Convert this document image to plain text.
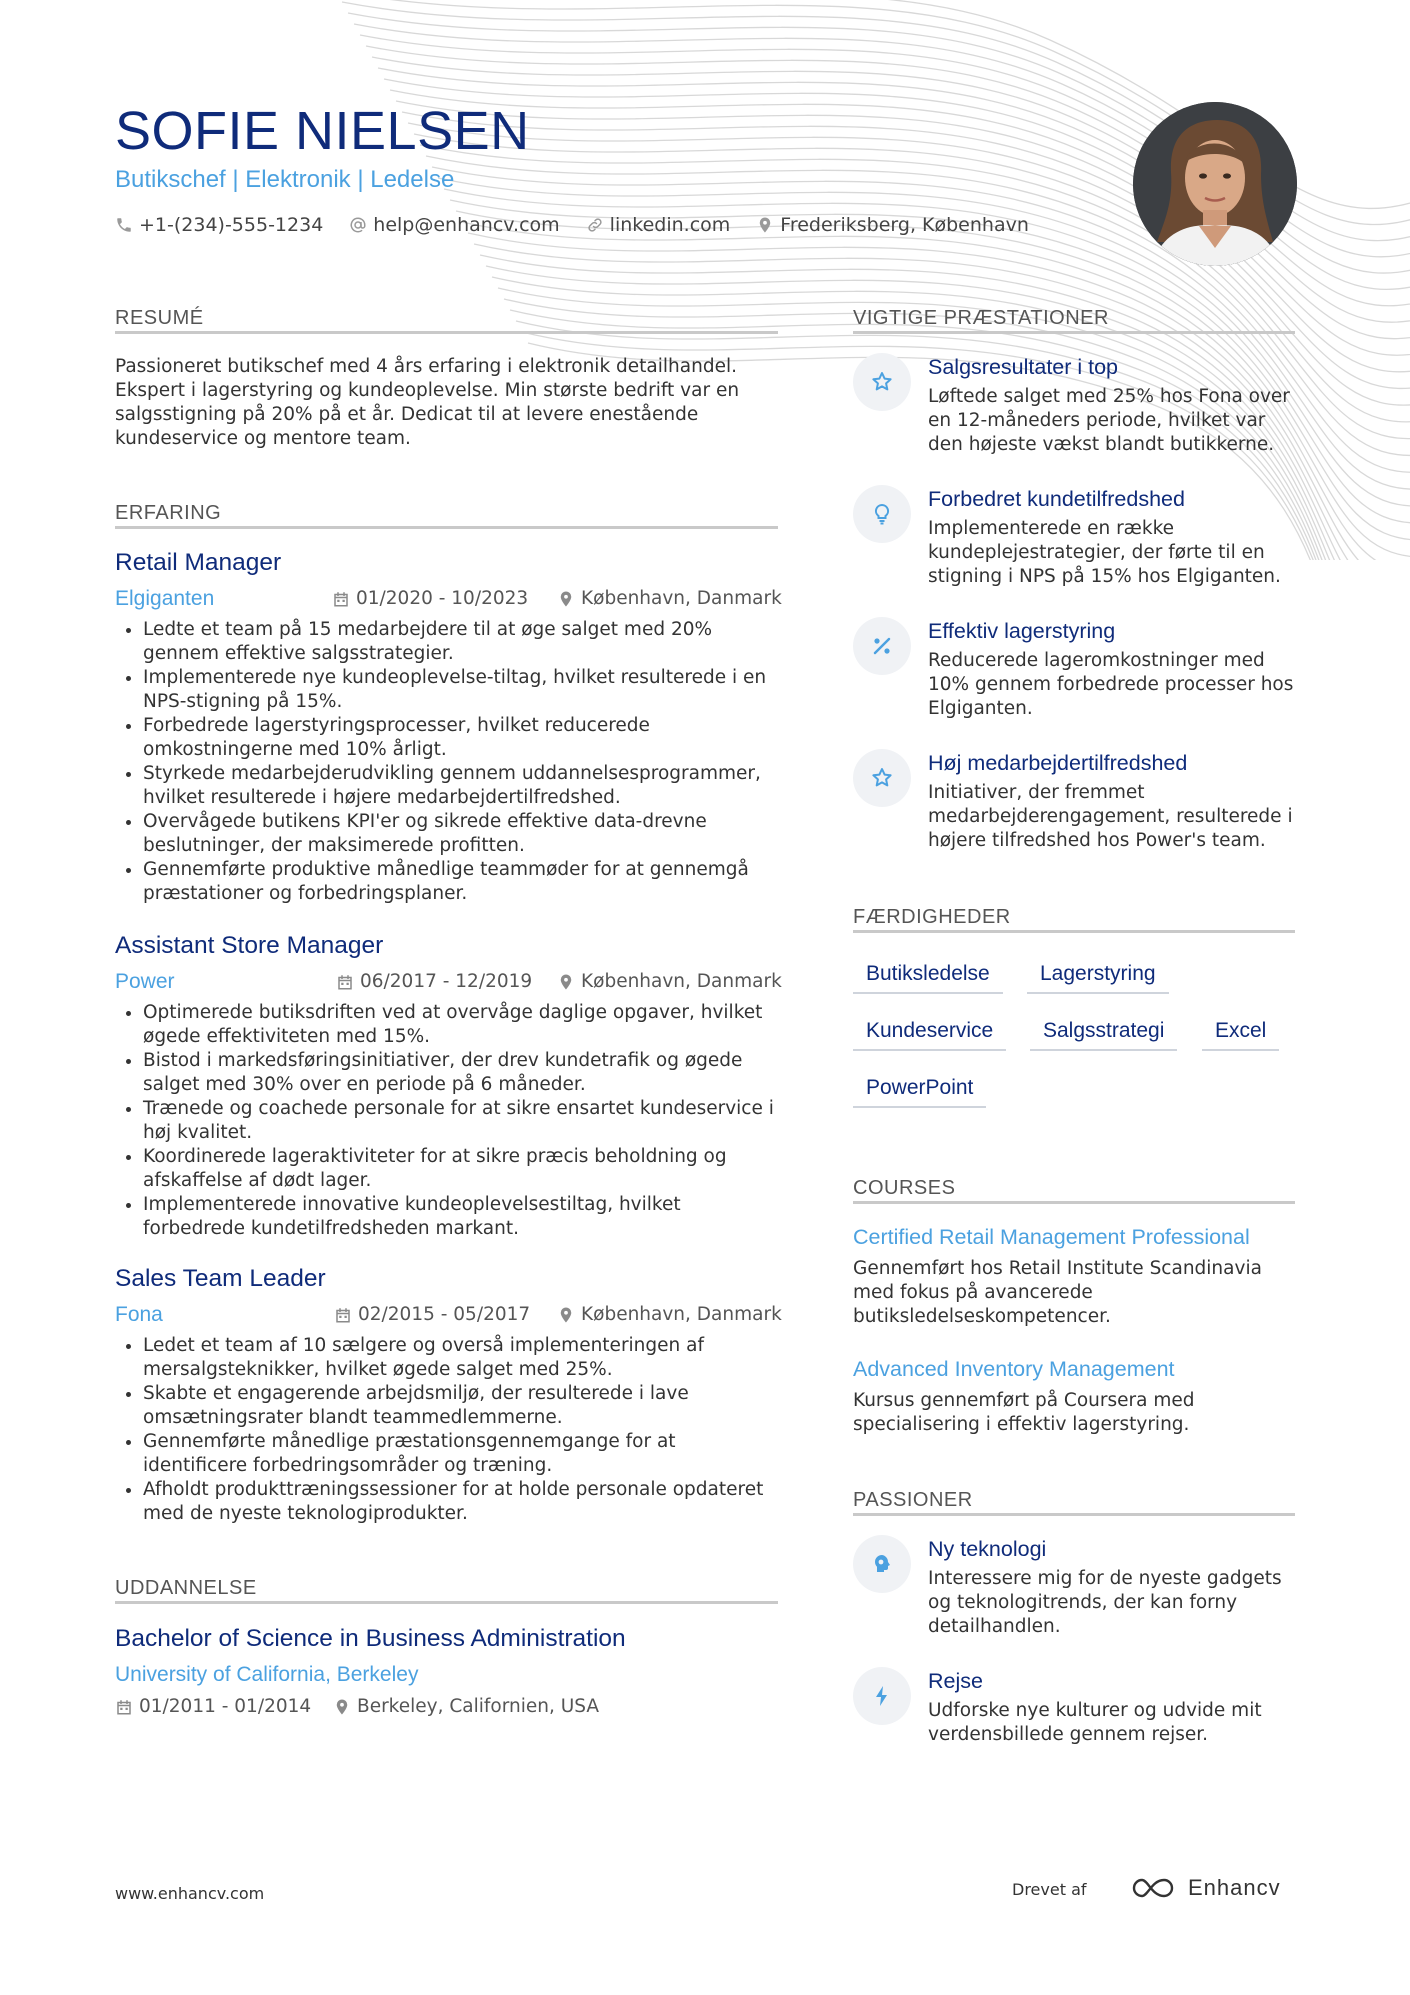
SOFIE NIELSEN
Butikschef | Elektronik | Ledelse
+1-(234)-555-1234	help@enhancv.com	linkedin.com	Frederiksberg, København
RESUMÉ
Passioneret butikschef med 4 års erfaring i elektronik detailhandel. Ekspert i lagerstyring og kundeoplevelse. Min største bedrift var en salgsstigning på 20% på et år. Dedicat til at levere enestående kundeservice og mentore team.
ERFARING
Retail Manager
Elgiganten	01/2020 - 10/2023	København, Danmark
• Ledte et team på 15 medarbejdere til at øge salget med 20% gennem effektive salgsstrategier.
• Implementerede nye kundeoplevelse-tiltag, hvilket resulterede i en NPS-stigning på 15%.
• Forbedrede lagerstyringsprocesser, hvilket reducerede omkostningerne med 10% årligt.
• Styrkede medarbejderudvikling gennem uddannelsesprogrammer, hvilket resulterede i højere medarbejdertilfredshed.
• Overvågede butikens KPI'er og sikrede effektive data-drevne beslutninger, der maksimerede profitten.
• Gennemførte produktive månedlige teammøder for at gennemgå præstationer og forbedringsplaner.
Assistant Store Manager
Power	06/2017 - 12/2019	København, Danmark
• Optimerede butiksdriften ved at overvåge daglige opgaver, hvilket øgede effektiviteten med 15%.
• Bistod i markedsføringsinitiativer, der drev kundetrafik og øgede salget med 30% over en periode på 6 måneder.
• Trænede og coachede personale for at sikre ensartet kundeservice i høj kvalitet.
• Koordinerede lageraktiviteter for at sikre præcis beholdning og afskaffelse af dødt lager.
• Implementerede innovative kundeoplevelsestiltag, hvilket forbedrede kundetilfredsheden markant.
Sales Team Leader
Fona	02/2015 - 05/2017	København, Danmark
• Ledet et team af 10 sælgere og overså implementeringen af mersalgsteknikker, hvilket øgede salget med 25%.
• Skabte et engagerende arbejdsmiljø, der resulterede i lave omsætningsrater blandt teammedlemmerne.
• Gennemførte månedlige præstationsgennemgange for at identificere forbedringsområder og træning.
• Afholdt produkttræningssessioner for at holde personale opdateret med de nyeste teknologiprodukter.
UDDANNELSE
Bachelor of Science in Business Administration
University of California, Berkeley
01/2011 - 01/2014 Berkeley, Californien, USA
VIGTIGE PRÆSTATIONER
Salgsresultater i top
Løftede salget med 25% hos Fona over en 12-måneders periode, hvilket var den højeste vækst blandt butikkerne.
Forbedret kundetilfredshed
Implementerede en række kundeplejestrategier, der førte til en stigning i NPS på 15% hos Elgiganten.
Effektiv lagerstyring
Reducerede lageromkostninger med 10% gennem forbedrede processer hos Elgiganten.
Høj medarbejdertilfredshed
Initiativer, der fremmet medarbejderengagement, resulterede i højere tilfredshed hos Power's team.
FÆRDIGHEDER
Butiksledelse	Lagerstyring
Kundeservice	Salgsstrategi	Excel
PowerPoint
COURSES
Certified Retail Management Professional
Gennemført hos Retail Institute Scandinavia med fokus på avancerede butiksledelseskompetencer.
Advanced Inventory Management
Kursus gennemført på Coursera med specialisering i effektiv lagerstyring.
PASSIONER
Ny teknologi
Interessere mig for de nyeste gadgets og teknologitrends, der kan forny detailhandlen.
Rejse
Udforske nye kulturer og udvide mit verdensbillede gennem rejser.
www.enhancv.com	Drevet af	Enhancv
